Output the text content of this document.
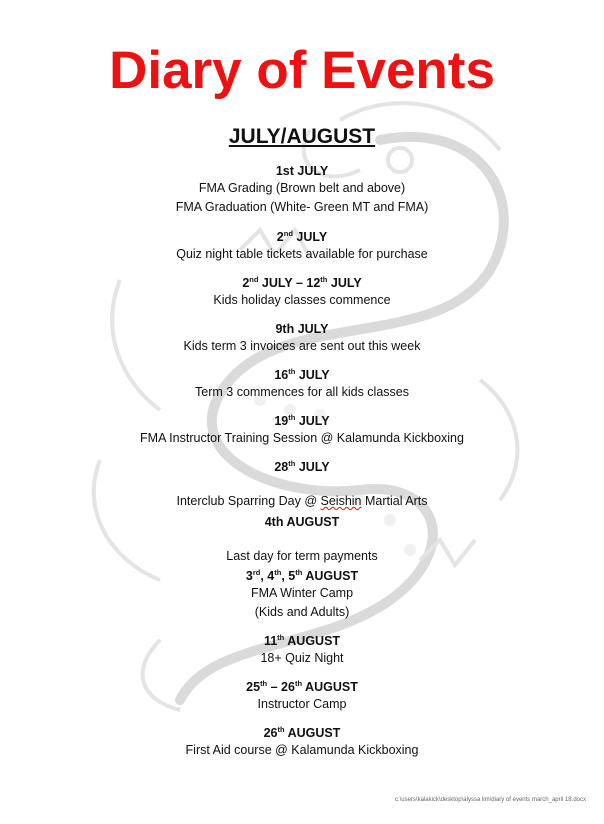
Diary of Events
JULY/AUGUST
1st JULY
FMA Grading (Brown belt and above)
FMA Graduation (White- Green MT and FMA)
2nd JULY
Quiz night table tickets available for purchase
2nd JULY – 12th JULY
Kids holiday classes commence
9th JULY
Kids term 3 invoices are sent out this week
16th JULY
Term 3 commences for all kids classes
19th JULY
FMA Instructor Training Session @ Kalamunda Kickboxing
28th JULY
Interclub Sparring Day @ Seishin Martial Arts
4th AUGUST
Last day for term payments
3rd, 4th, 5th AUGUST
FMA Winter Camp
(Kids and Adults)
11th AUGUST
18+ Quiz Night
25th – 26th AUGUST
Instructor Camp
26th AUGUST
First Aid course @ Kalamunda Kickboxing
c:\users\kalakick\desktop\alyssa lim\diary of events march_april 18.docx
